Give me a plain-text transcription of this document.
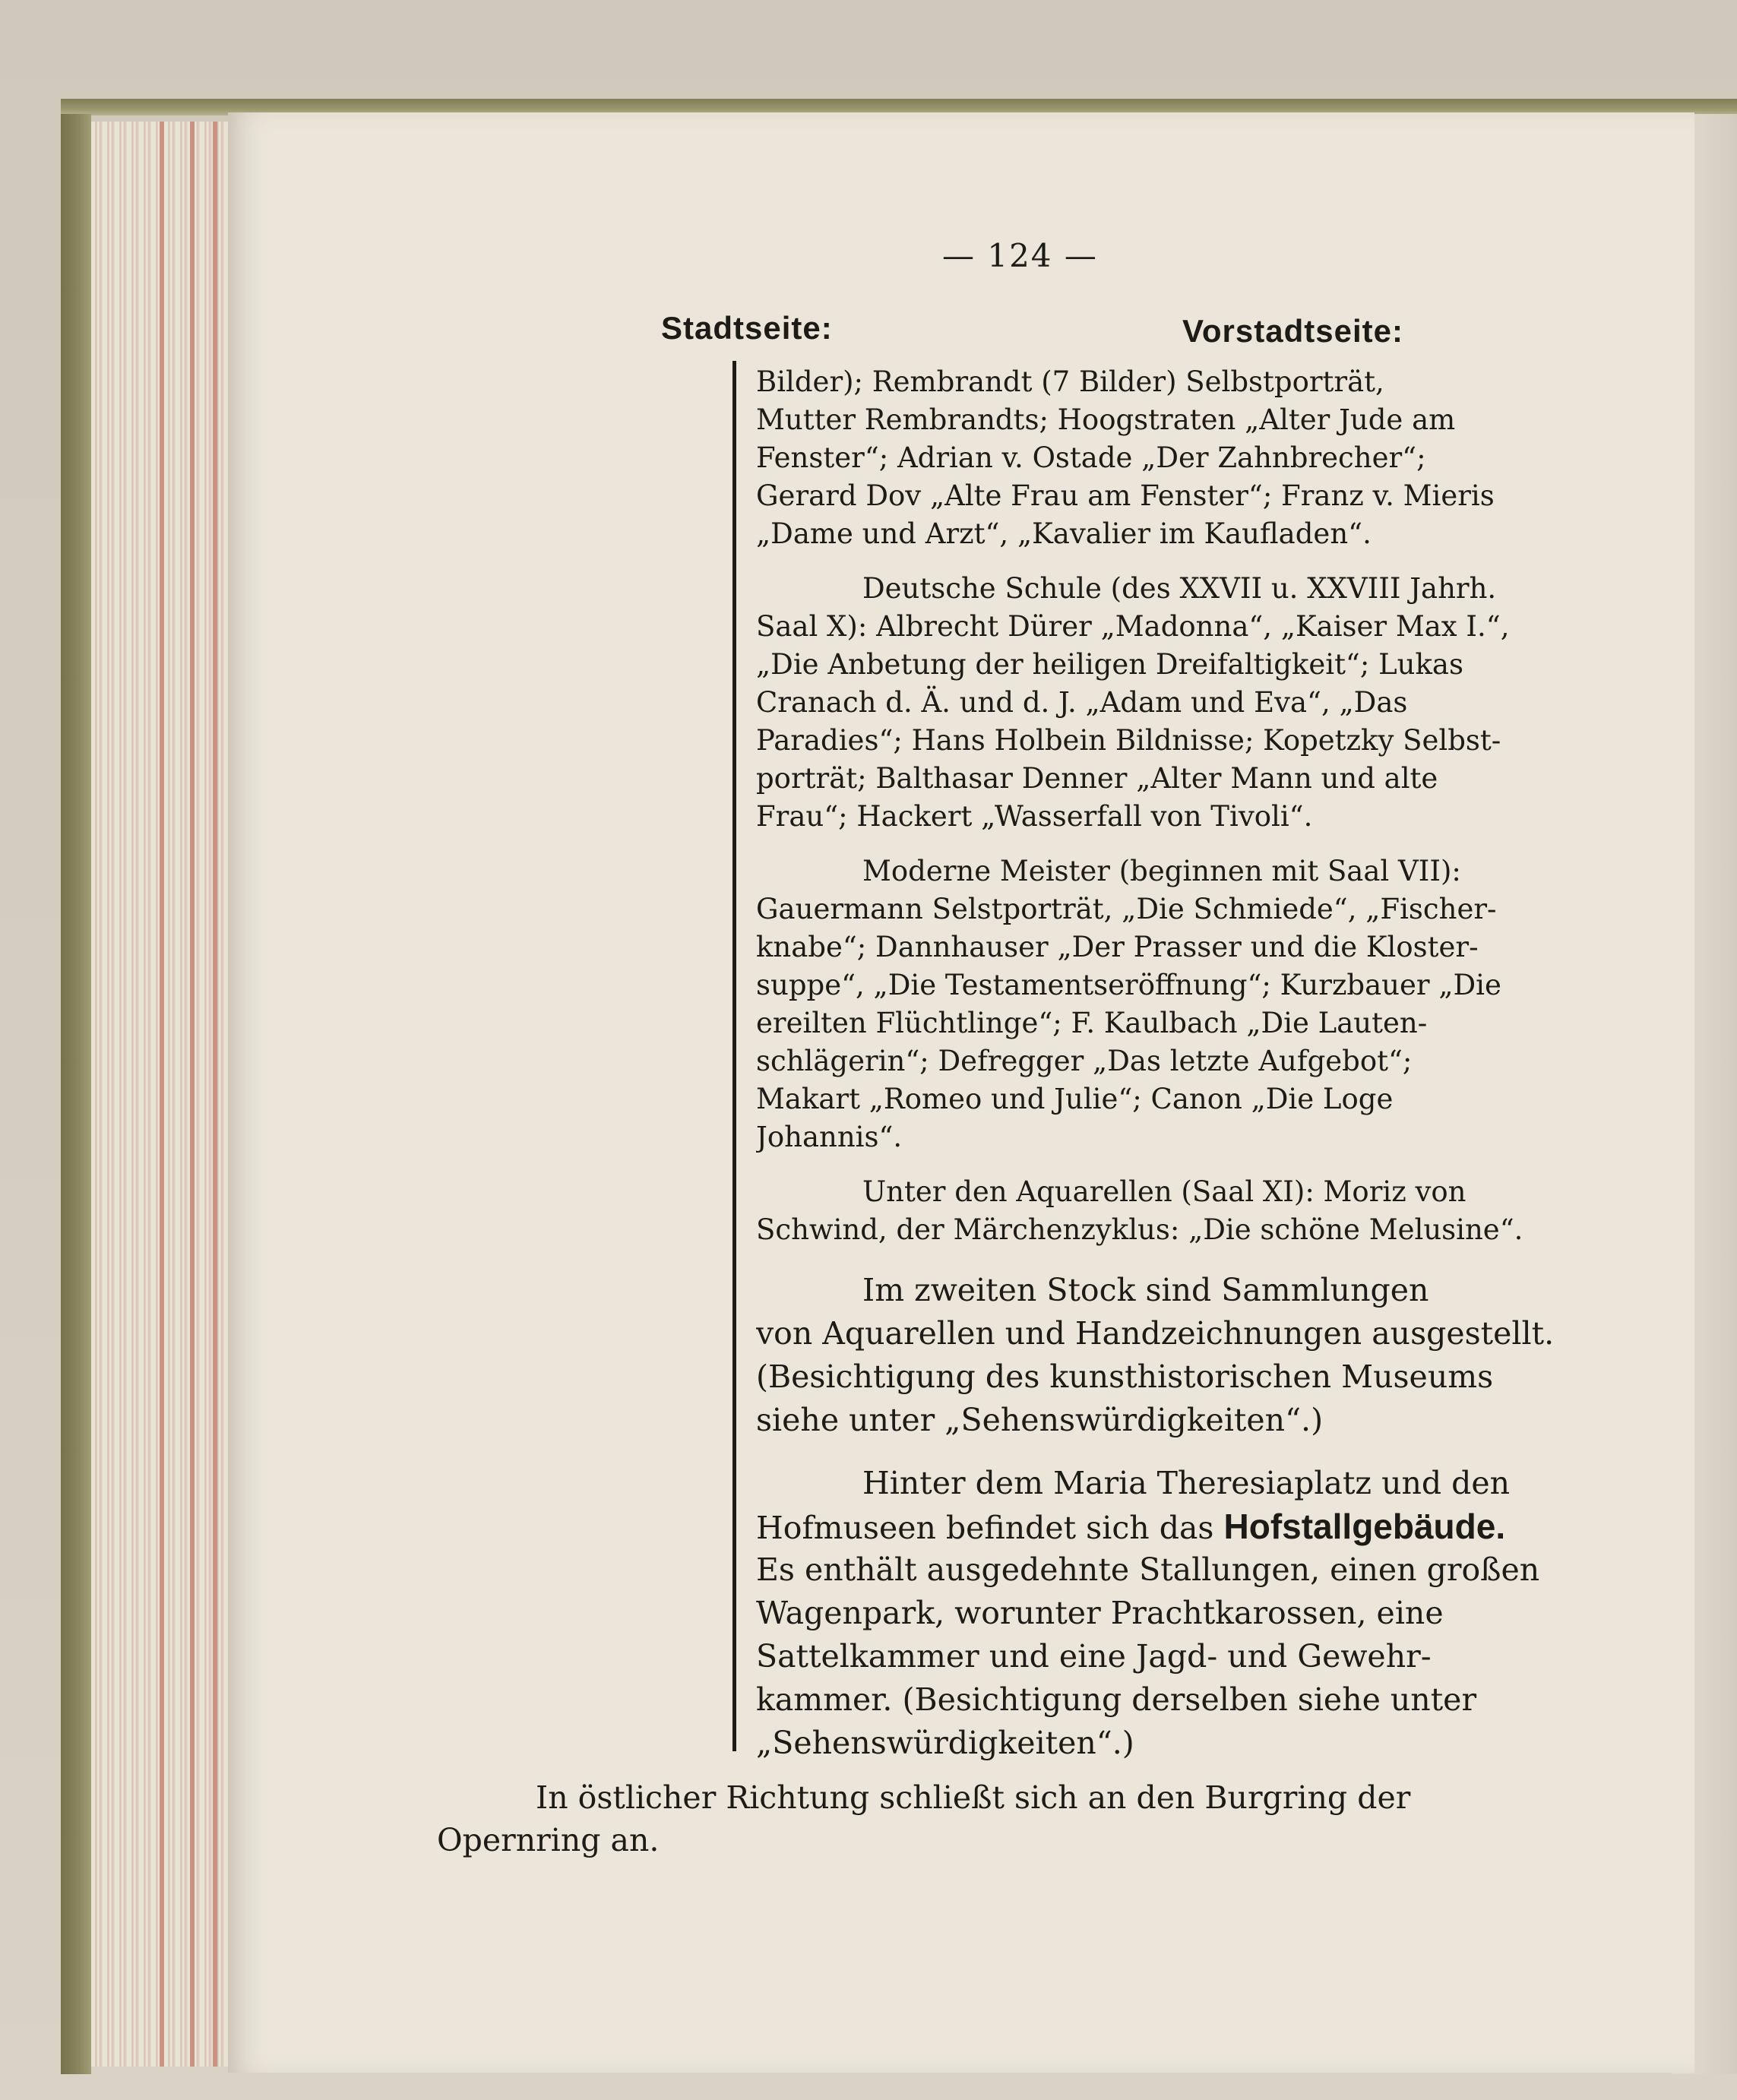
— 124 —
Stadtseite:	Vorstadtseite:
Bilder); Rembrandt (7 Bilder) Selbstporträt,
Mutter Rembrandts; Hoogstraten „Alter Jude am
Fenster“; Adrian v. Ostade „Der Zahnbrecher“;
Gerard Dov „Alte Frau am Fenster“; Franz v. Mieris
„Dame und Arzt“, „Kavalier im Kaufladen“.
Deutsche Schule (des XXVII u. XXVIII Jahrh.
Saal X): Albrecht Dürer „Madonna“, „Kaiser Max I.“,
„Die Anbetung der heiligen Dreifaltigkeit“; Lukas
Cranach d. Ä. und d. J. „Adam und Eva“, „Das
Paradies“; Hans Holbein Bildnisse; Kopetzky Selbst-
porträt; Balthasar Denner „Alter Mann und alte
Frau“; Hackert „Wasserfall von Tivoli“.
Moderne Meister (beginnen mit Saal VII):
Gauermann Selstporträt, „Die Schmiede“, „Fischer-
knabe“; Dannhauser „Der Prasser und die Kloster-
suppe“, „Die Testamentseröffnung“; Kurzbauer „Die
ereilten Flüchtlinge“; F. Kaulbach „Die Lauten-
schlägerin“; Defregger „Das letzte Aufgebot“;
Makart „Romeo und Julie“; Canon „Die Loge
Johannis“.
Unter den Aquarellen (Saal XI): Moriz von
Schwind, der Märchenzyklus: „Die schöne Melusine“.
Im zweiten Stock sind Sammlungen
von Aquarellen und Handzeichnungen ausgestellt.
(Besichtigung des kunsthistorischen Museums
siehe unter „Sehenswürdigkeiten“.)
Hinter dem Maria Theresiaplatz und den
Hofmuseen befindet sich das Hofstallgebäude.
Es enthält ausgedehnte Stallungen, einen großen
Wagenpark, worunter Prachtkarossen, eine
Sattelkammer und eine Jagd- und Gewehr-
kammer. (Besichtigung derselben siehe unter
„Sehenswürdigkeiten“.)
In östlicher Richtung schließt sich an den Burgring der
Opernring an.
